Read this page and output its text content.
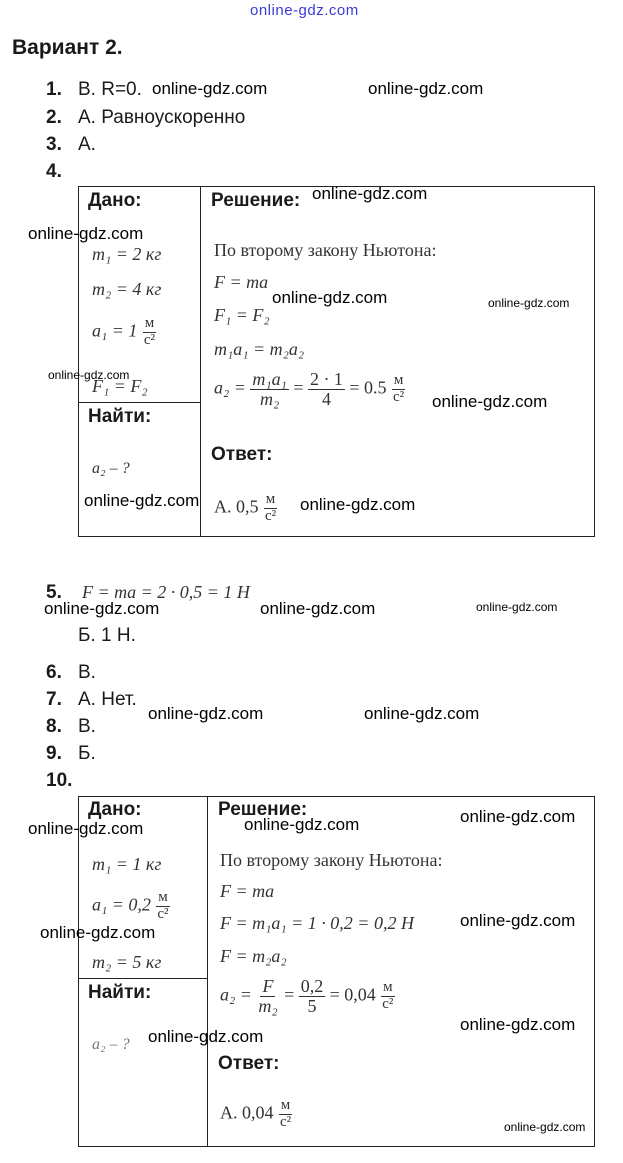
online-gdz.com
Вариант 2.
1. В. R=0.
2. А. Равноускоренно
3. А.
4.
Дано:	Решение:
m₁ = 2 кг
m₂ = 4 кг
$a_1 = 1 \frac{м}{\text{с²}}$
F₁ = F₂
Найти:
a₂ – ?
По второму закону Ньютона:
F = ma
F₁ = F₂
m₁a₁ = m₂a₂
$a_2 = \frac{\text{m₁a₁}}{\text{m₂}} = \frac{2 \cdot 1}{4} = 0.5 \frac{м}{\text{с²}}$
Ответ:
А. $0,5 \frac{м}{\text{с²}}$
5. F = ma = 2 · 0,5 = 1 Н
Б. 1 Н.
6. В.
7. А. Нет.
8. В.
9. Б.
10.
Дано:	Решение:
m₁ = 1 кг
$a_1 = 0,2 \frac{м}{\text{с²}}$
m₂ = 5 кг
Найти:
a₂ – ?
По второму закону Ньютона:
F = ma
F = m₁a₁ = 1 · 0,2 = 0,2 Н
F = m₂a₂
$a_2 = \frac{F}{\text{m₂}} = \frac{0,2}{5} = 0,04 \frac{м}{\text{с²}}$
Ответ:
А. $0,04 \frac{м}{\text{с²}}$
online-gdz.com	online-gdz.com
online-gdz.com
online-gdz.com
online-gdz.com	online-gdz.com
online-gdz.com
online-gdz.com
online-gdz.com	online-gdz.com
online-gdz.com	online-gdz.com	online-gdz.com
online-gdz.com	online-gdz.com
online-gdz.com
online-gdz.com	online-gdz.com
online-gdz.com
online-gdz.com
online-gdz.com
online-gdz.com
online-gdz.com
